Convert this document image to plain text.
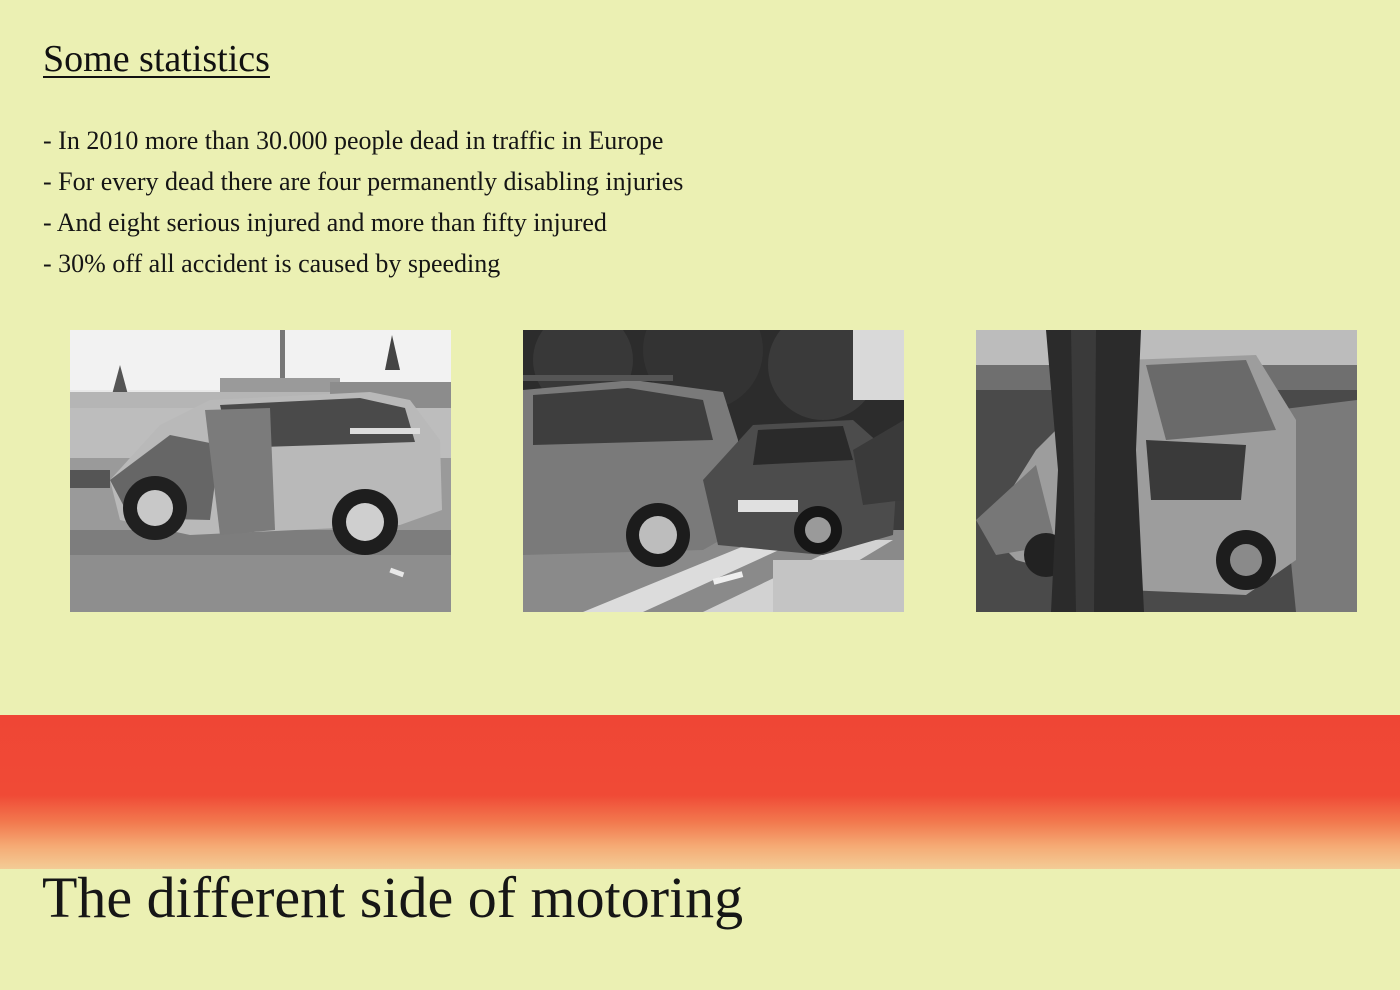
Some statistics
- In 2010 more than 30.000 people dead in traffic in Europe
- For every dead there are four permanently disabling injuries
- And eight serious injured and more than fifty injured
- 30% off all accident is caused by speeding
The different side of motoring
